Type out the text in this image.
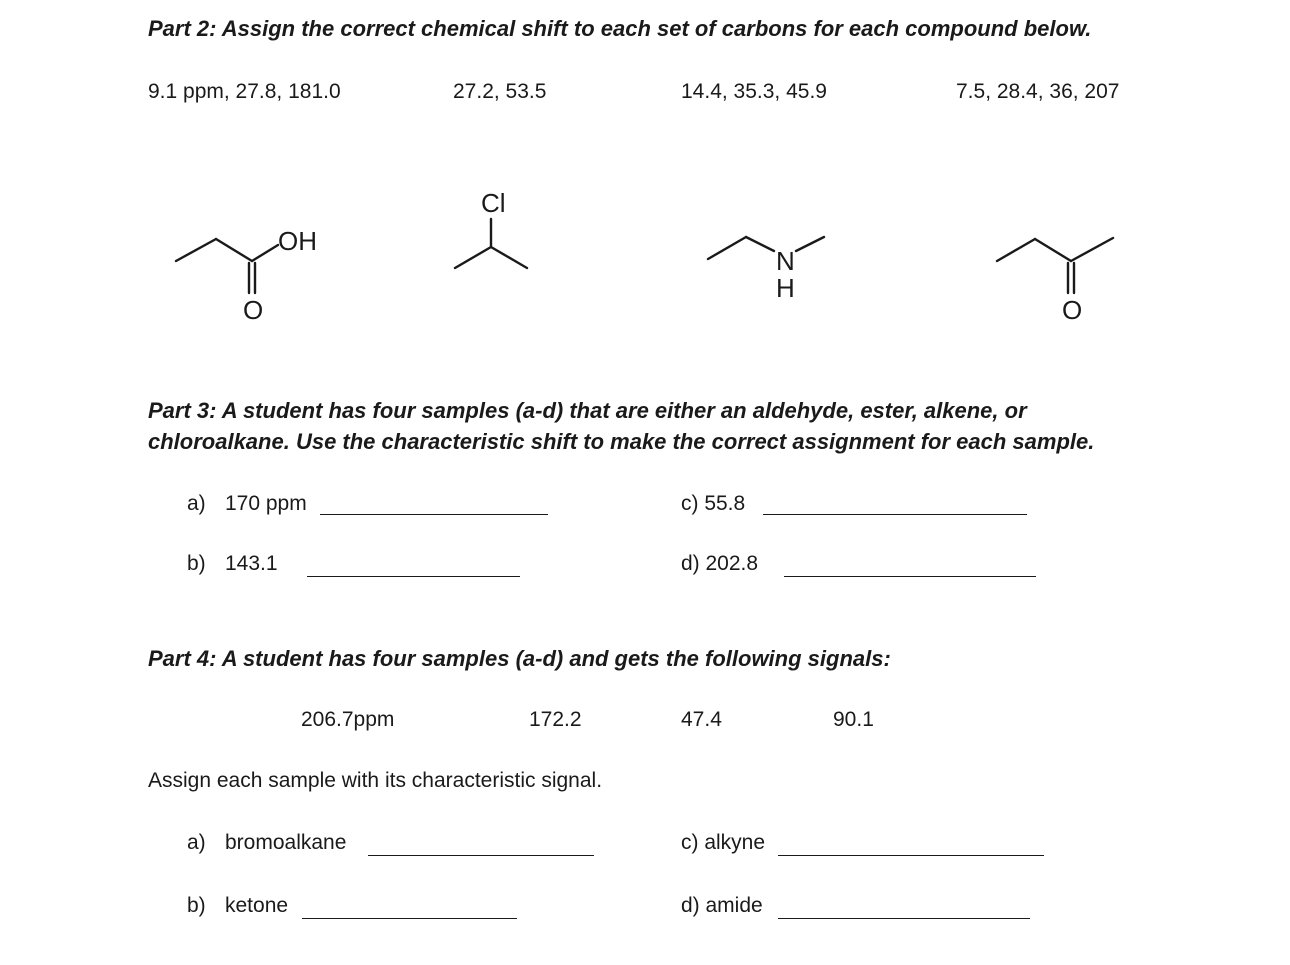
Part 2: Assign the correct chemical shift to each set of carbons for each compound below.
9.1 ppm, 27.8, 181.0	27.2, 53.5	14.4, 35.3, 45.9	7.5, 28.4, 36, 207
OH
O
Cl
N
H
O
Part 3: A student has four samples (a-d) that are either an aldehyde, ester, alkene, or
chloroalkane. Use the characteristic shift to make the correct assignment for each sample.
a) 170 ppm
b) 143.1
c) 55.8
d) 202.8
Part 4: A student has four samples (a-d) and gets the following signals:
206.7ppm	172.2	47.4	90.1
Assign each sample with its characteristic signal.
a) bromoalkane
b) ketone
c) alkyne
d) amide
